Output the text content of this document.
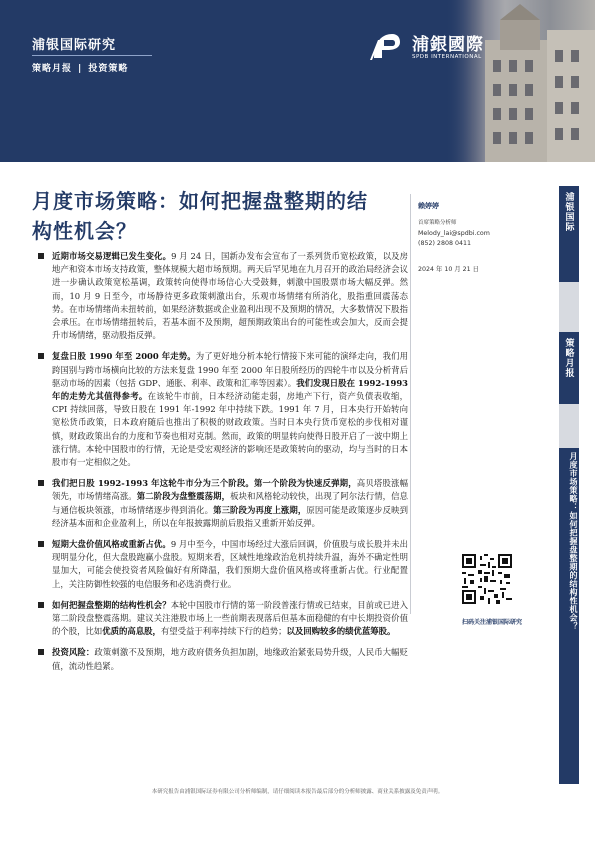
浦银国际研究
策略月报 | 投资策略
浦銀國際
SPDB INTERNATIONAL
月度市场策略：如何把握盘整期的结构性机会？
赖婷婷
首席策略分析师
Melody_lai@spdbi.com
(852) 2808 0411
2024 年 10 月 21 日
浦银国际
策略月报
月度市场策略：如何把握盘整期的结构性机会？
扫码关注浦银国际研究
近期市场交易逻辑已发生变化。9 月 24 日，国新办发布会宣布了一系列货币宽松政策，以及房地产和资本市场支持政策，整体规模大超市场预期。两天后罕见地在九月召开的政治局经济会议进一步确认政策宽松基调，政策转向使得市场信心大受鼓舞，刺激中国股票市场大幅反弹。然而，10 月 9 日至今，市场静待更多政策刺激出台，乐观市场情绪有所消化，股指重回震荡态势。在市场情绪尚未扭转前，如果经济数据或企业盈利出现不及预期的情况，大多数情况下股指会承压。在市场情绪扭转后，若基本面不及预期，超预期政策出台的可能性或会加大，反而会提升市场情绪，驱动股指反弹。
复盘日股 1990 年至 2000 年走势。为了更好地分析本轮行情接下来可能的演绎走向，我们用跨国别与跨市场横向比较的方法来复盘 1990 年至 2000 年日股所经历的四轮牛市以及分析背后驱动市场的因素（包括 GDP、通胀、利率、政策和汇率等因素）。我们发现日股在 1992-1993 年的走势尤其值得参考。在该轮牛市前，日本经济动能走弱，房地产下行，资产负债表收缩，CPI 持续回落，导致日股在 1991 年-1992 年中持续下跌。1991 年 7 月，日本央行开始转向宽松货币政策，日本政府随后也推出了积极的财政政策。当时日本央行货币宽松的步伐相对谨慎，财政政策出台的力度和节奏也相对克制。然而，政策的明显转向使得日股开启了一波中期上涨行情。本轮中国股市的行情，无论是受宏观经济的影响还是政策转向的驱动，均与当时的日本股市有一定相似之处。
我们把日股 1992-1993 年这轮牛市分为三个阶段。第一个阶段为快速反弹期，高贝塔股涨幅领先，市场情绪高涨。第二阶段为盘整震荡期，板块和风格轮动较快，出现了阿尔法行情，信息与通信板块领涨，市场情绪逐步得到消化。第三阶段为再度上涨期，原因可能是政策逐步反映到经济基本面和企业盈利上，所以在年报披露期前后股指又重新开始反弹。
短期大盘价值风格或重新占优。9 月中至今，中国市场经过大涨后回调，价值股与成长股并未出现明显分化，但大盘股跑赢小盘股。短期来看，区域性地缘政治危机持续升温，海外不确定性明显加大，可能会使投资者风险偏好有所降温，我们预期大盘价值风格或将重新占优。行业配置上，关注防御性较强的电信服务和必选消费行业。
如何把握盘整期的结构性机会？本轮中国股市行情的第一阶段普涨行情或已结束，目前或已进入第二阶段盘整震荡期。建议关注港股市场上一些前期表现落后但基本面稳健的有中长期投资价值的个股，比如优质的高息股，有望受益于利率持续下行的趋势；以及回购较多的绩优蓝筹股。
投资风险：政策刺激不及预期，地方政府债务负担加剧，地缘政治紧张局势升级，人民币大幅贬值，流动性趋紧。
本研究报告由浦银国际证券有限公司分析师编制，请仔细阅读本报告最后部分的分析师披露、商业关系披露及免责声明。
